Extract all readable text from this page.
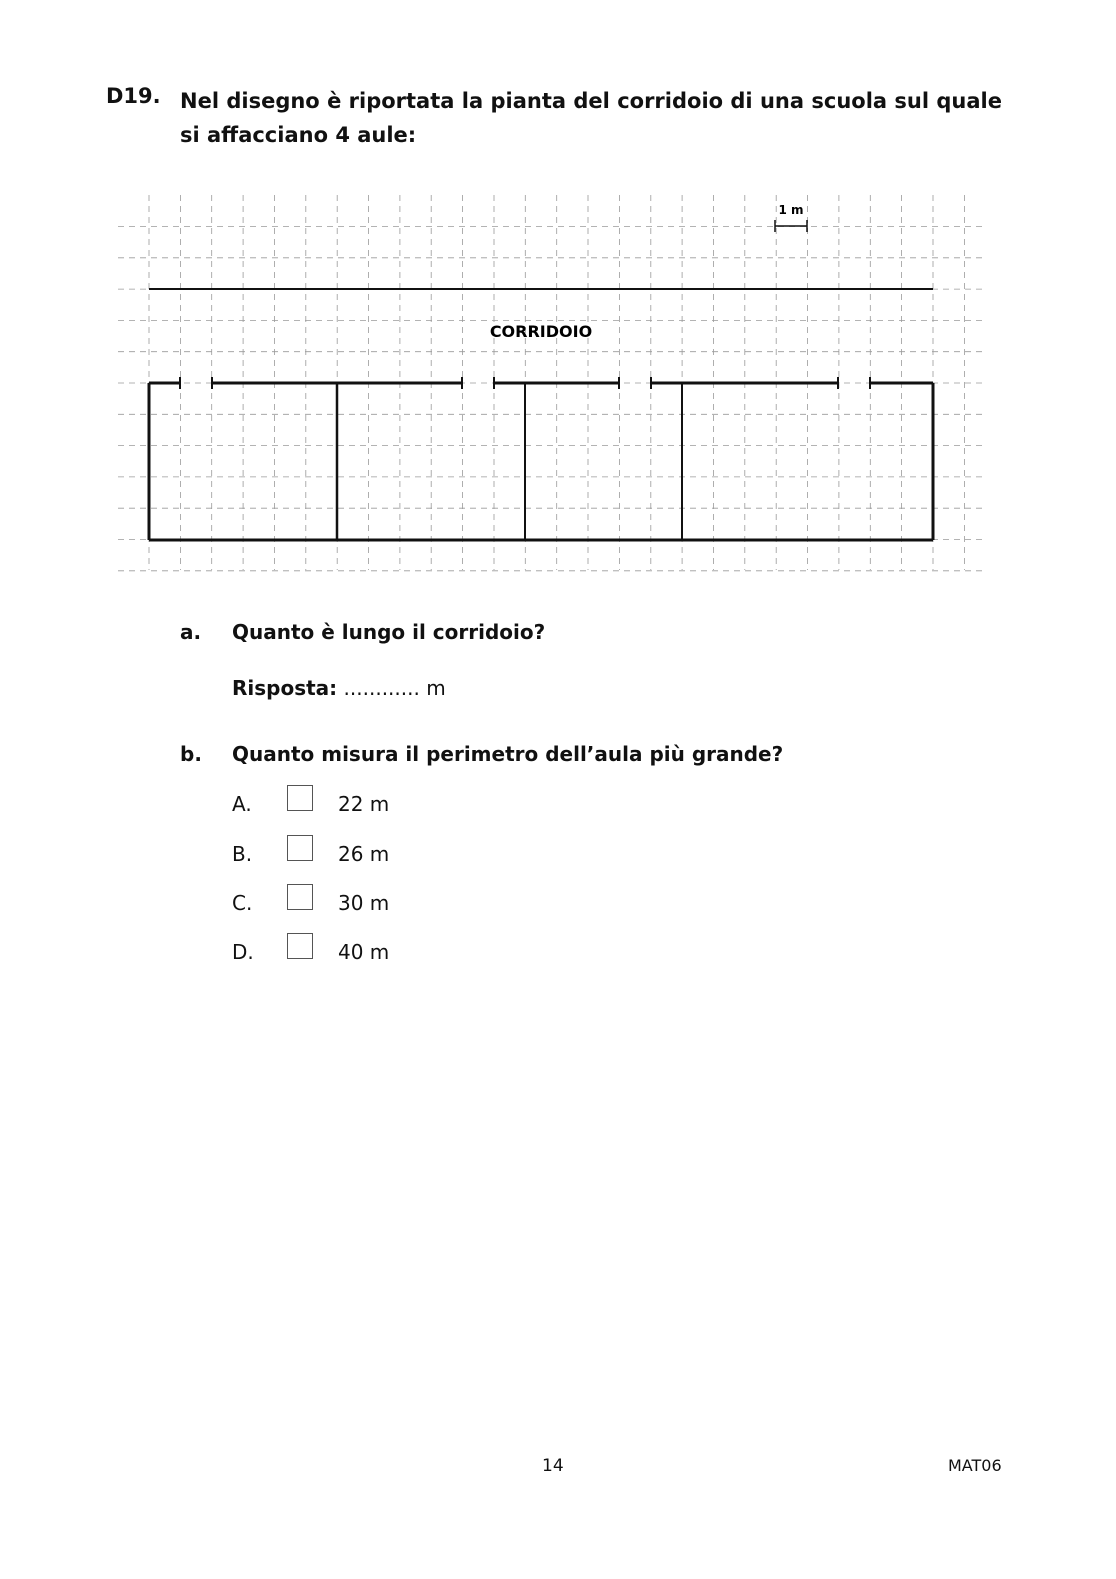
D19. Nel disegno è riportata la pianta del corridoio di una scuola sul quale si affacciano 4 aule:
1 m
CORRIDOIO
a. Quanto è lungo il corridoio?
Risposta: ............ m
b. Quanto misura il perimetro dell’aula più grande?
A.	22 m
B.	26 m
C.	30 m
D.	40 m
14	MAT06
